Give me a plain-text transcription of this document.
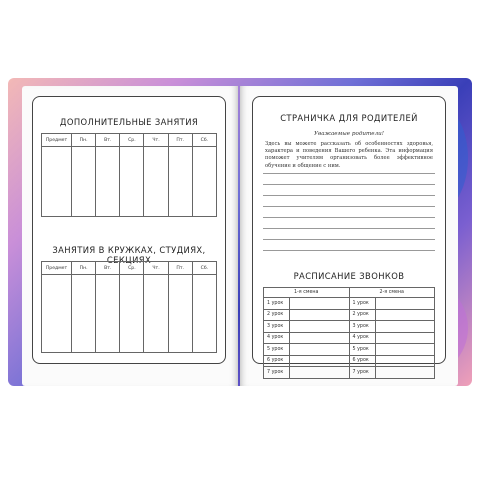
ДОПОЛНИТЕЛЬНЫЕ ЗАНЯТИЯ
Предмет	Пн.	Вт.	Ср.	Чт.	Пт.	Сб.

ЗАНЯТИЯ В КРУЖКАХ, СТУДИЯХ, СЕКЦИЯХ
Предмет	Пн.	Вт.	Ср.	Чт.	Пт.	Сб.

СТРАНИЧКА ДЛЯ РОДИТЕЛЕЙ
Уважаемые родители!
Здесь вы можете рассказать об особенностях здоровья, характера и поведения Вашего ребенка. Эта информация поможет учителям организовать более эффективное обучение и общение с ним.
РАСПИСАНИЕ ЗВОНКОВ
1-я смена		2-я смена	
1 урок		1 урок	
2 урок		2 урок	
3 урок		3 урок	
4 урок		4 урок	
5 урок		5 урок	
6 урок		6 урок	
7 урок		7 урок	
